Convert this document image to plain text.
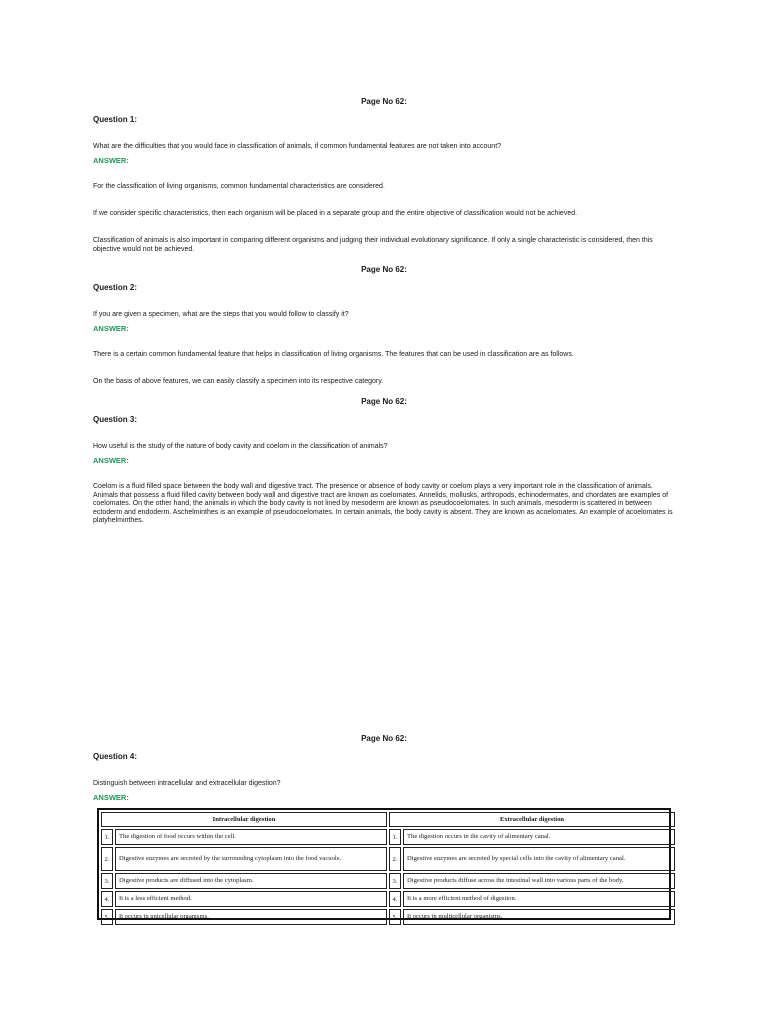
Page No 62:
Question 1:
What are the difficulties that you would face in classification of animals, if common fundamental features are not taken into account?
ANSWER:
For the classification of living organisms, common fundamental characteristics are considered.
If we consider specific characteristics, then each organism will be placed in a separate group and the entire objective of classification would not be achieved.
Classification of animals is also important in comparing different organisms and judging their individual evolutionary significance. If only a single characteristic is considered, then this objective would not be achieved.
Page No 62:
Question 2:
If you are given a specimen, what are the steps that you would follow to classify it?
ANSWER:
There is a certain common fundamental feature that helps in classification of living organisms. The features that can be used in classification are as follows.
On the basis of above features, we can easily classify a specimen into its respective category.
Page No 62:
Question 3:
How useful is the study of the nature of body cavity and coelom in the classification of animals?
ANSWER:
Coelom is a fluid filled space between the body wall and digestive tract. The presence or absence of body cavity or coelom plays a very important role in the classification of animals. Animals that possess a fluid filled cavity between body wall and digestive tract are known as coelomates. Annelids, mollusks, arthropods, echinodermates, and chordates are examples of coelomates. On the other hand, the animals in which the body cavity is not lined by mesoderm are known as pseudocoelomates. In such animals, mesoderm is scattered in between ectoderm and endoderm. Aschelminthes is an example of pseudocoelomates. In certain animals, the body cavity is absent. They are known as acoelomates. An example of acoelomates is platyhelminthes.
Page No 62:
Question 4:
Distinguish between intracellular and extracellular digestion?
ANSWER:
Intracellular digestion		Extracellular digestion	
1.	The digestion of food occurs within the cell.	1.	The digestion occurs in the cavity of alimentary canal.
2.	Digestive enzymes are secreted by the surrounding cytoplasm into the food vacuole.	2.	Digestive enzymes are secreted by special cells into the cavity of alimentary canal.
3.	Digestive products are diffused into the cytoplasm.	3.	Digestive products diffuse across the intestinal wall into various parts of the body.
4.	It is a less efficient method.	4.	It is a more efficient method of digestion.
5.	It occurs in unicellular organisms.	5.	It occurs in multicellular organisms.
